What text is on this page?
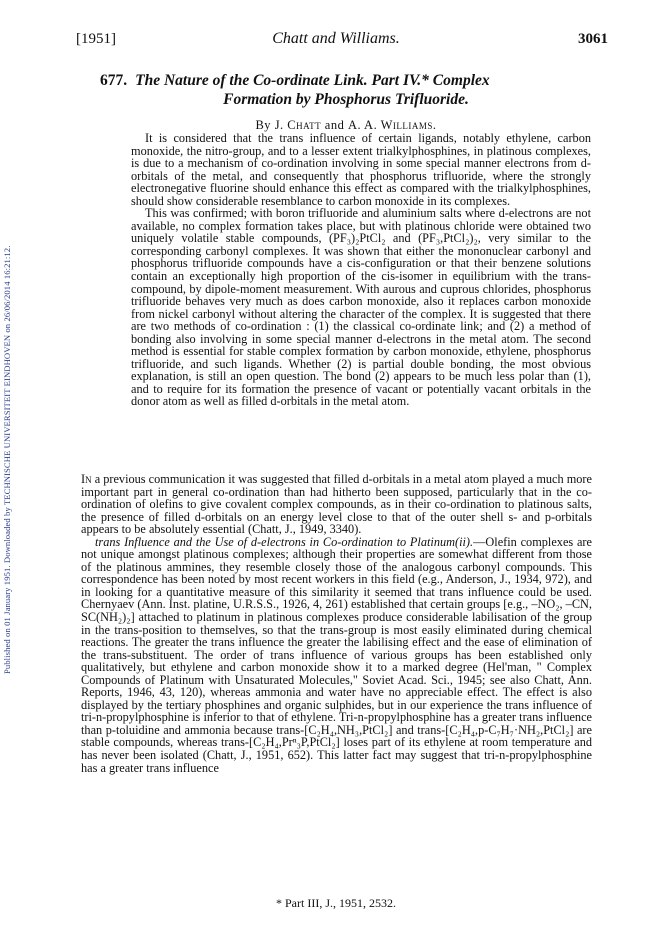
Published on 01 January 1951. Downloaded by TECHNISCHE UNIVERSITEIT EINDHOVEN on 26/06/2014 16:21:12.
[1951]	Chatt and Williams.	3061
677. The Nature of the Co-ordinate Link. Part IV.* Complex
Formation by Phosphorus Trifluoride.
By J. Chatt and A. A. Williams.

It is considered that the trans influence of certain ligands, notably ethylene, carbon monoxide, the nitro-group, and to a lesser extent trialkylphosphines, in platinous complexes, is due to a mechanism of co-ordination involving in some special manner electrons from d-orbitals of the metal, and consequently that phosphorus trifluoride, where the strongly electronegative fluorine should enhance this effect as compared with the trialkylphosphines, should show considerable resemblance to carbon monoxide in its complexes.

This was confirmed; with boron trifluoride and aluminium salts where d-electrons are not available, no complex formation takes place, but with platinous chloride were obtained two uniquely volatile stable compounds, (PF₃)₂PtCl₂ and (PF₃,PtCl₂)₂, very similar to the corresponding carbonyl complexes. It was shown that either the mononuclear carbonyl and phosphorus trifluoride compounds have a cis-configuration or that their benzene solutions contain an exceptionally high proportion of the cis-isomer in equilibrium with the trans-compound, by dipole-moment measurement. With aurous and cuprous chlorides, phosphorus trifluoride behaves very much as does carbon monoxide, also it replaces carbon monoxide from nickel carbonyl without altering the character of the complex. It is suggested that there are two methods of co-ordination : (1) the classical co-ordinate link; and (2) a method of bonding also involving in some special manner d-electrons in the metal atom. The second method is essential for stable complex formation by carbon monoxide, ethylene, phosphorus trifluoride, and such ligands. Whether (2) is partial double bonding, the most obvious explanation, is still an open question. The bond (2) appears to be much less polar than (1), and to require for its formation the presence of vacant or potentially vacant orbitals in the donor atom as well as filled d-orbitals in the metal atom.

In a previous communication it was suggested that filled d-orbitals in a metal atom played a much more important part in general co-ordination than had hitherto been supposed, particularly that in the co-ordination of olefins to give covalent complex compounds, as in their co-ordination to platinous salts, the presence of filled d-orbitals on an energy level close to that of the outer shell s- and p-orbitals appears to be absolutely essential (Chatt, J., 1949, 3340).

trans Influence and the Use of d-electrons in Co-ordination to Platinum(ii).—Olefin complexes are not unique amongst platinous complexes; although their properties are somewhat different from those of the platinous ammines, they resemble closely those of the analogous carbonyl compounds. This correspondence has been noted by most recent workers in this field (e.g., Anderson, J., 1934, 972), and in looking for a quantitative measure of this similarity it seemed that trans influence could be used. Chernyaev (Ann. Inst. platine, U.R.S.S., 1926, 4, 261) established that certain groups [e.g., –NO₂, –CN, SC(NH₂)₂] attached to platinum in platinous complexes produce considerable labilisation of the group in the trans-position to themselves, so that the trans-group is most easily eliminated during chemical reactions. The greater the trans influence the greater the labilising effect and the ease of elimination of the trans-substituent. The order of trans influence of various groups has been established only qualitatively, but ethylene and carbon monoxide show it to a marked degree (Hel'man, " Complex Compounds of Platinum with Unsaturated Molecules," Soviet Acad. Sci., 1945; see also Chatt, Ann. Reports, 1946, 43, 120), whereas ammonia and water have no appreciable effect. The effect is also displayed by the tertiary phosphines and organic sulphides, but in our experience the trans influence of tri-n-propylphosphine is inferior to that of ethylene. Tri-n-propylphosphine has a greater trans influence than p-toluidine and ammonia because trans-[C₂H₄,NH₃,PtCl₂] and trans-[C₂H₄,p-C₇H₇·NH₂,PtCl₂] are stable compounds, whereas trans-[C₂H₄,Prⁿ₃P,PtCl₂] loses part of its ethylene at room temperature and has never been isolated (Chatt, J., 1951, 652). This latter fact may suggest that tri-n-propylphosphine has a greater trans influence

* Part III, J., 1951, 2532.
